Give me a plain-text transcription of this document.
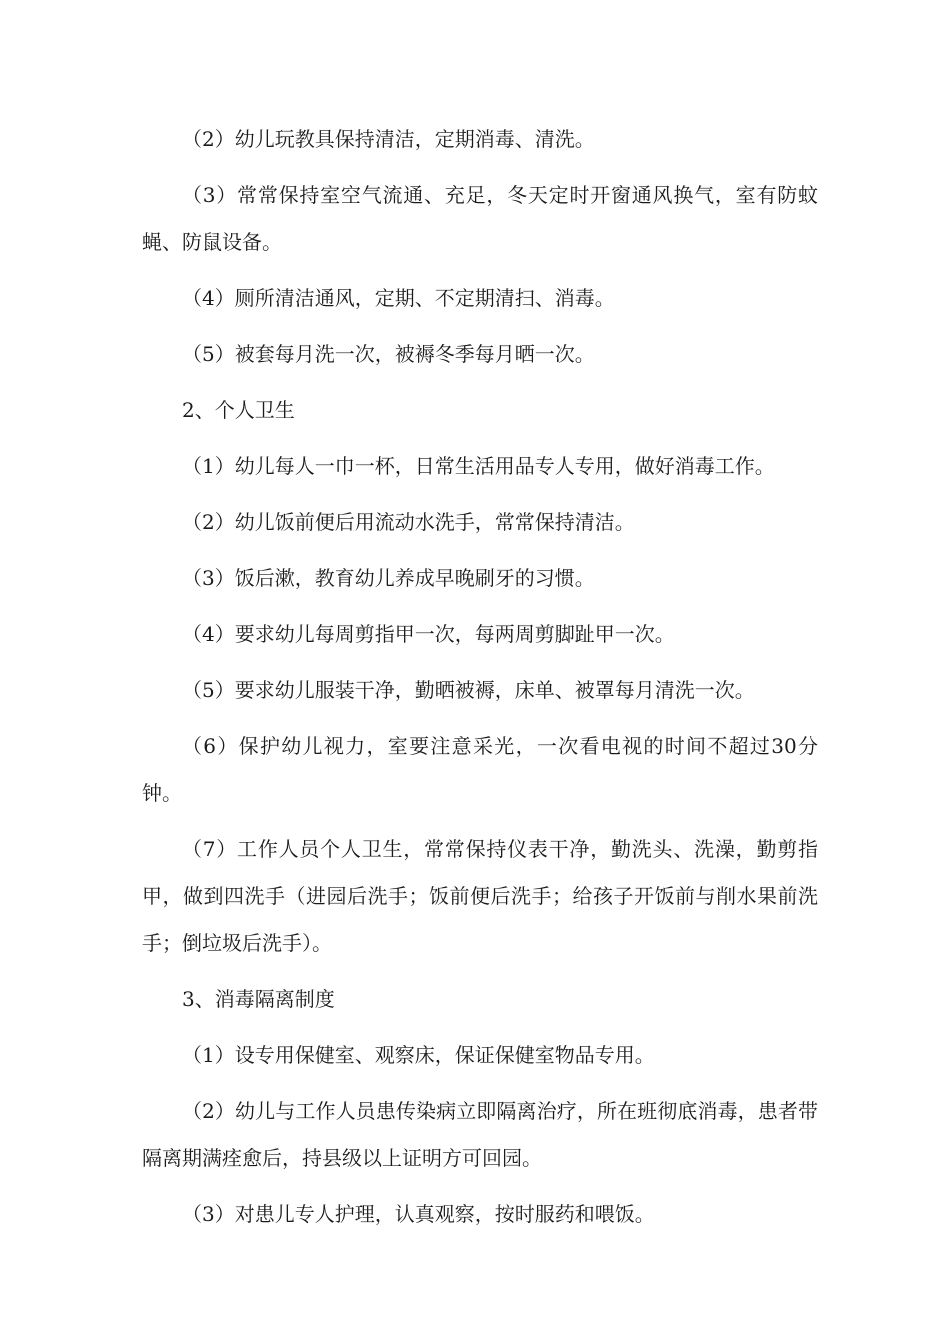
（2）幼儿玩教具保持清洁，定期消毒、清洗。

（3）常常保持室空气流通、充足，冬天定时开窗通风换气，室有防蚊蝇、防鼠设备。

（4）厕所清洁通风，定期、不定期清扫、消毒。

（5）被套每月洗一次，被褥冬季每月晒一次。

2、个人卫生

（1）幼儿每人一巾一杯，日常生活用品专人专用，做好消毒工作。

（2）幼儿饭前便后用流动水洗手，常常保持清洁。

（3）饭后漱，教育幼儿养成早晚刷牙的习惯。

（4）要求幼儿每周剪指甲一次，每两周剪脚趾甲一次。

（5）要求幼儿服装干净，勤晒被褥，床单、被罩每月清洗一次。

（6）保护幼儿视力，室要注意采光，一次看电视的时间不超过30分钟。

（7）工作人员个人卫生，常常保持仪表干净，勤洗头、洗澡，勤剪指甲，做到四洗手（进园后洗手；饭前便后洗手；给孩子开饭前与削水果前洗手；倒垃圾后洗手）。

3、消毒隔离制度

（1）设专用保健室、观察床，保证保健室物品专用。

（2）幼儿与工作人员患传染病立即隔离治疗，所在班彻底消毒，患者带隔离期满痊愈后，持县级以上证明方可回园。

（3）对患儿专人护理，认真观察，按时服药和喂饭。
